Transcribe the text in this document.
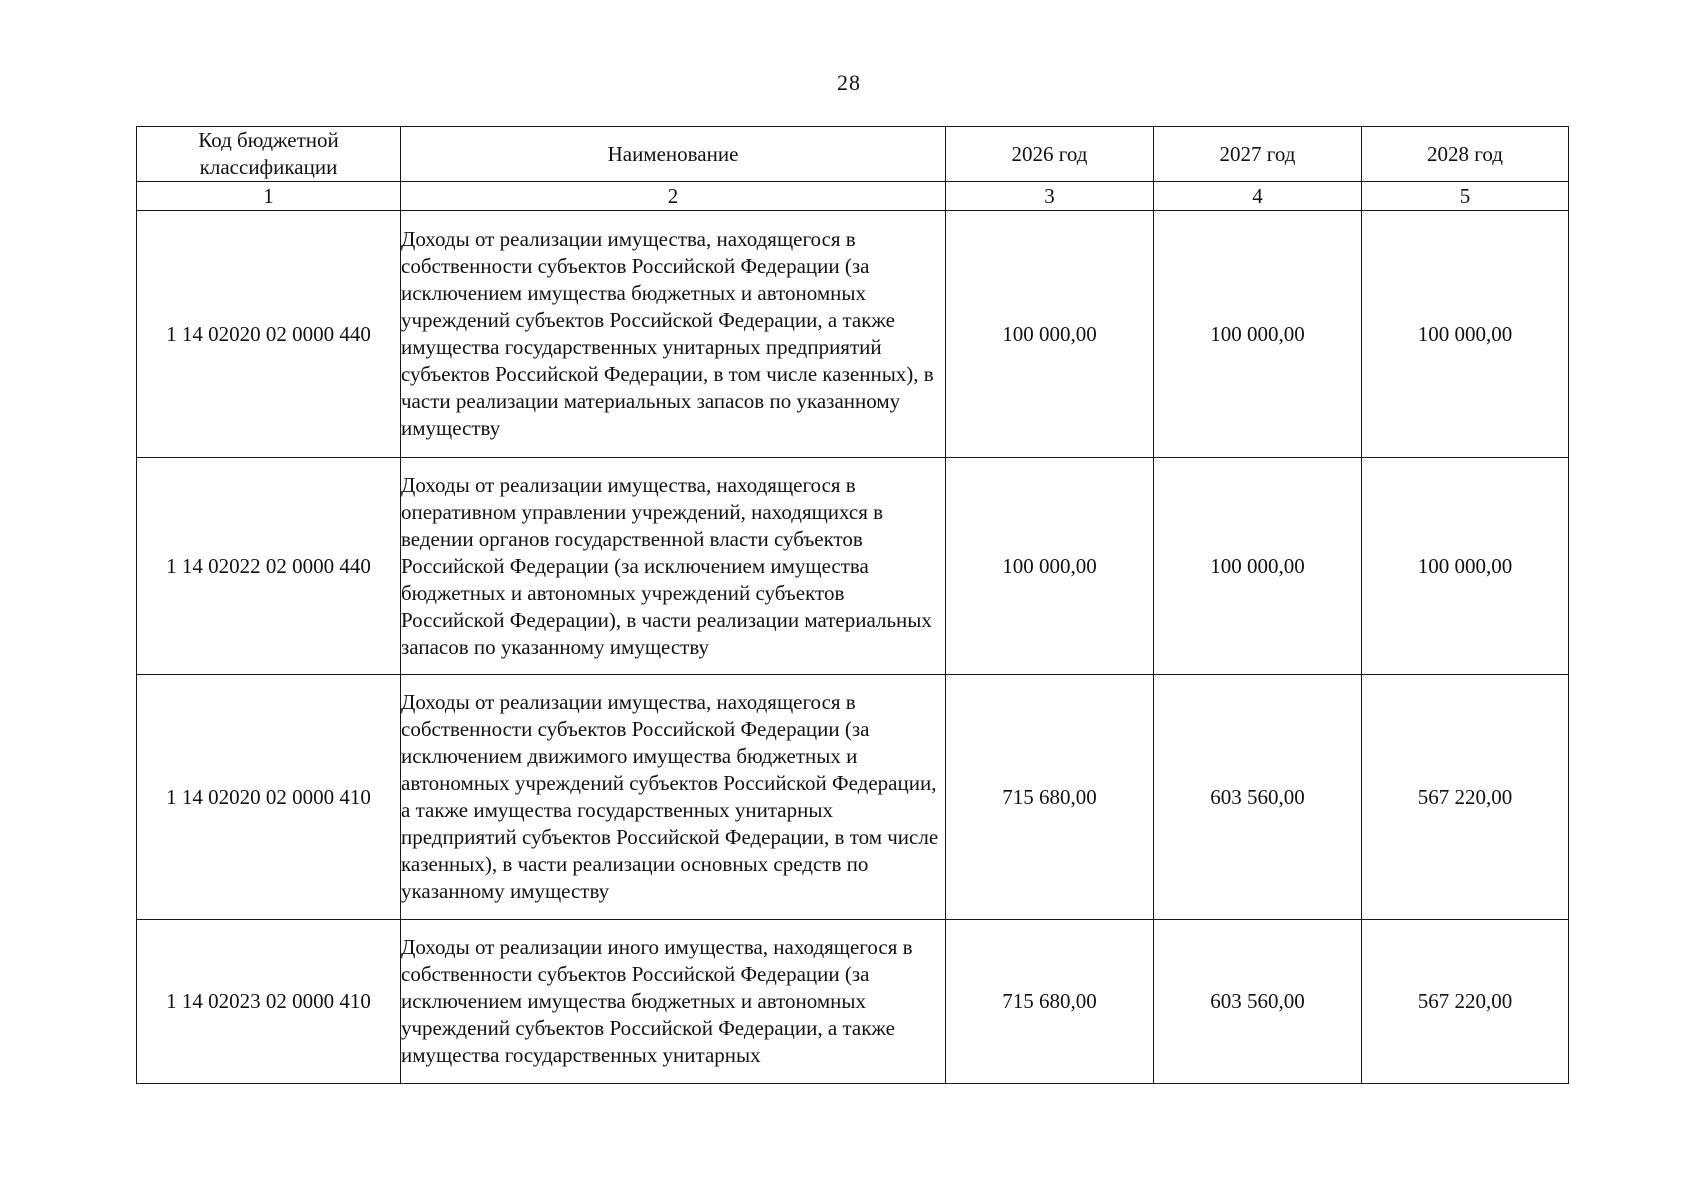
28
Код бюджетной классификации	Наименование	2026 год	2027 год	2028 год
1	2	3	4	5
1 14 02020 02 0000 440	Доходы от реализации имущества, находящегося в собственности субъектов Российской Федерации (за исключением имущества бюджетных и автономных учреждений субъектов Российской Федерации, а также имущества государственных унитарных предприятий субъектов Российской Федерации, в том числе казенных), в части реализации материальных запасов по указанному имуществу	100 000,00	100 000,00	100 000,00
1 14 02022 02 0000 440	Доходы от реализации имущества, находящегося в оперативном управлении учреждений, находящихся в ведении органов государственной власти субъектов Российской Федерации (за исключением имущества бюджетных и автономных учреждений субъектов Российской Федерации), в части реализации материальных запасов по указанному имуществу	100 000,00	100 000,00	100 000,00
1 14 02020 02 0000 410	Доходы от реализации имущества, находящегося в собственности субъектов Российской Федерации (за исключением движимого имущества бюджетных и автономных учреждений субъектов Российской Федерации, а также имущества государственных унитарных предприятий субъектов Российской Федерации, в том числе казенных), в части реализации основных средств по указанному имуществу	715 680,00	603 560,00	567 220,00
1 14 02023 02 0000 410	Доходы от реализации иного имущества, находящегося в собственности субъектов Российской Федерации (за исключением имущества бюджетных и автономных учреждений субъектов Российской Федерации, а также имущества государственных унитарных	715 680,00	603 560,00	567 220,00
